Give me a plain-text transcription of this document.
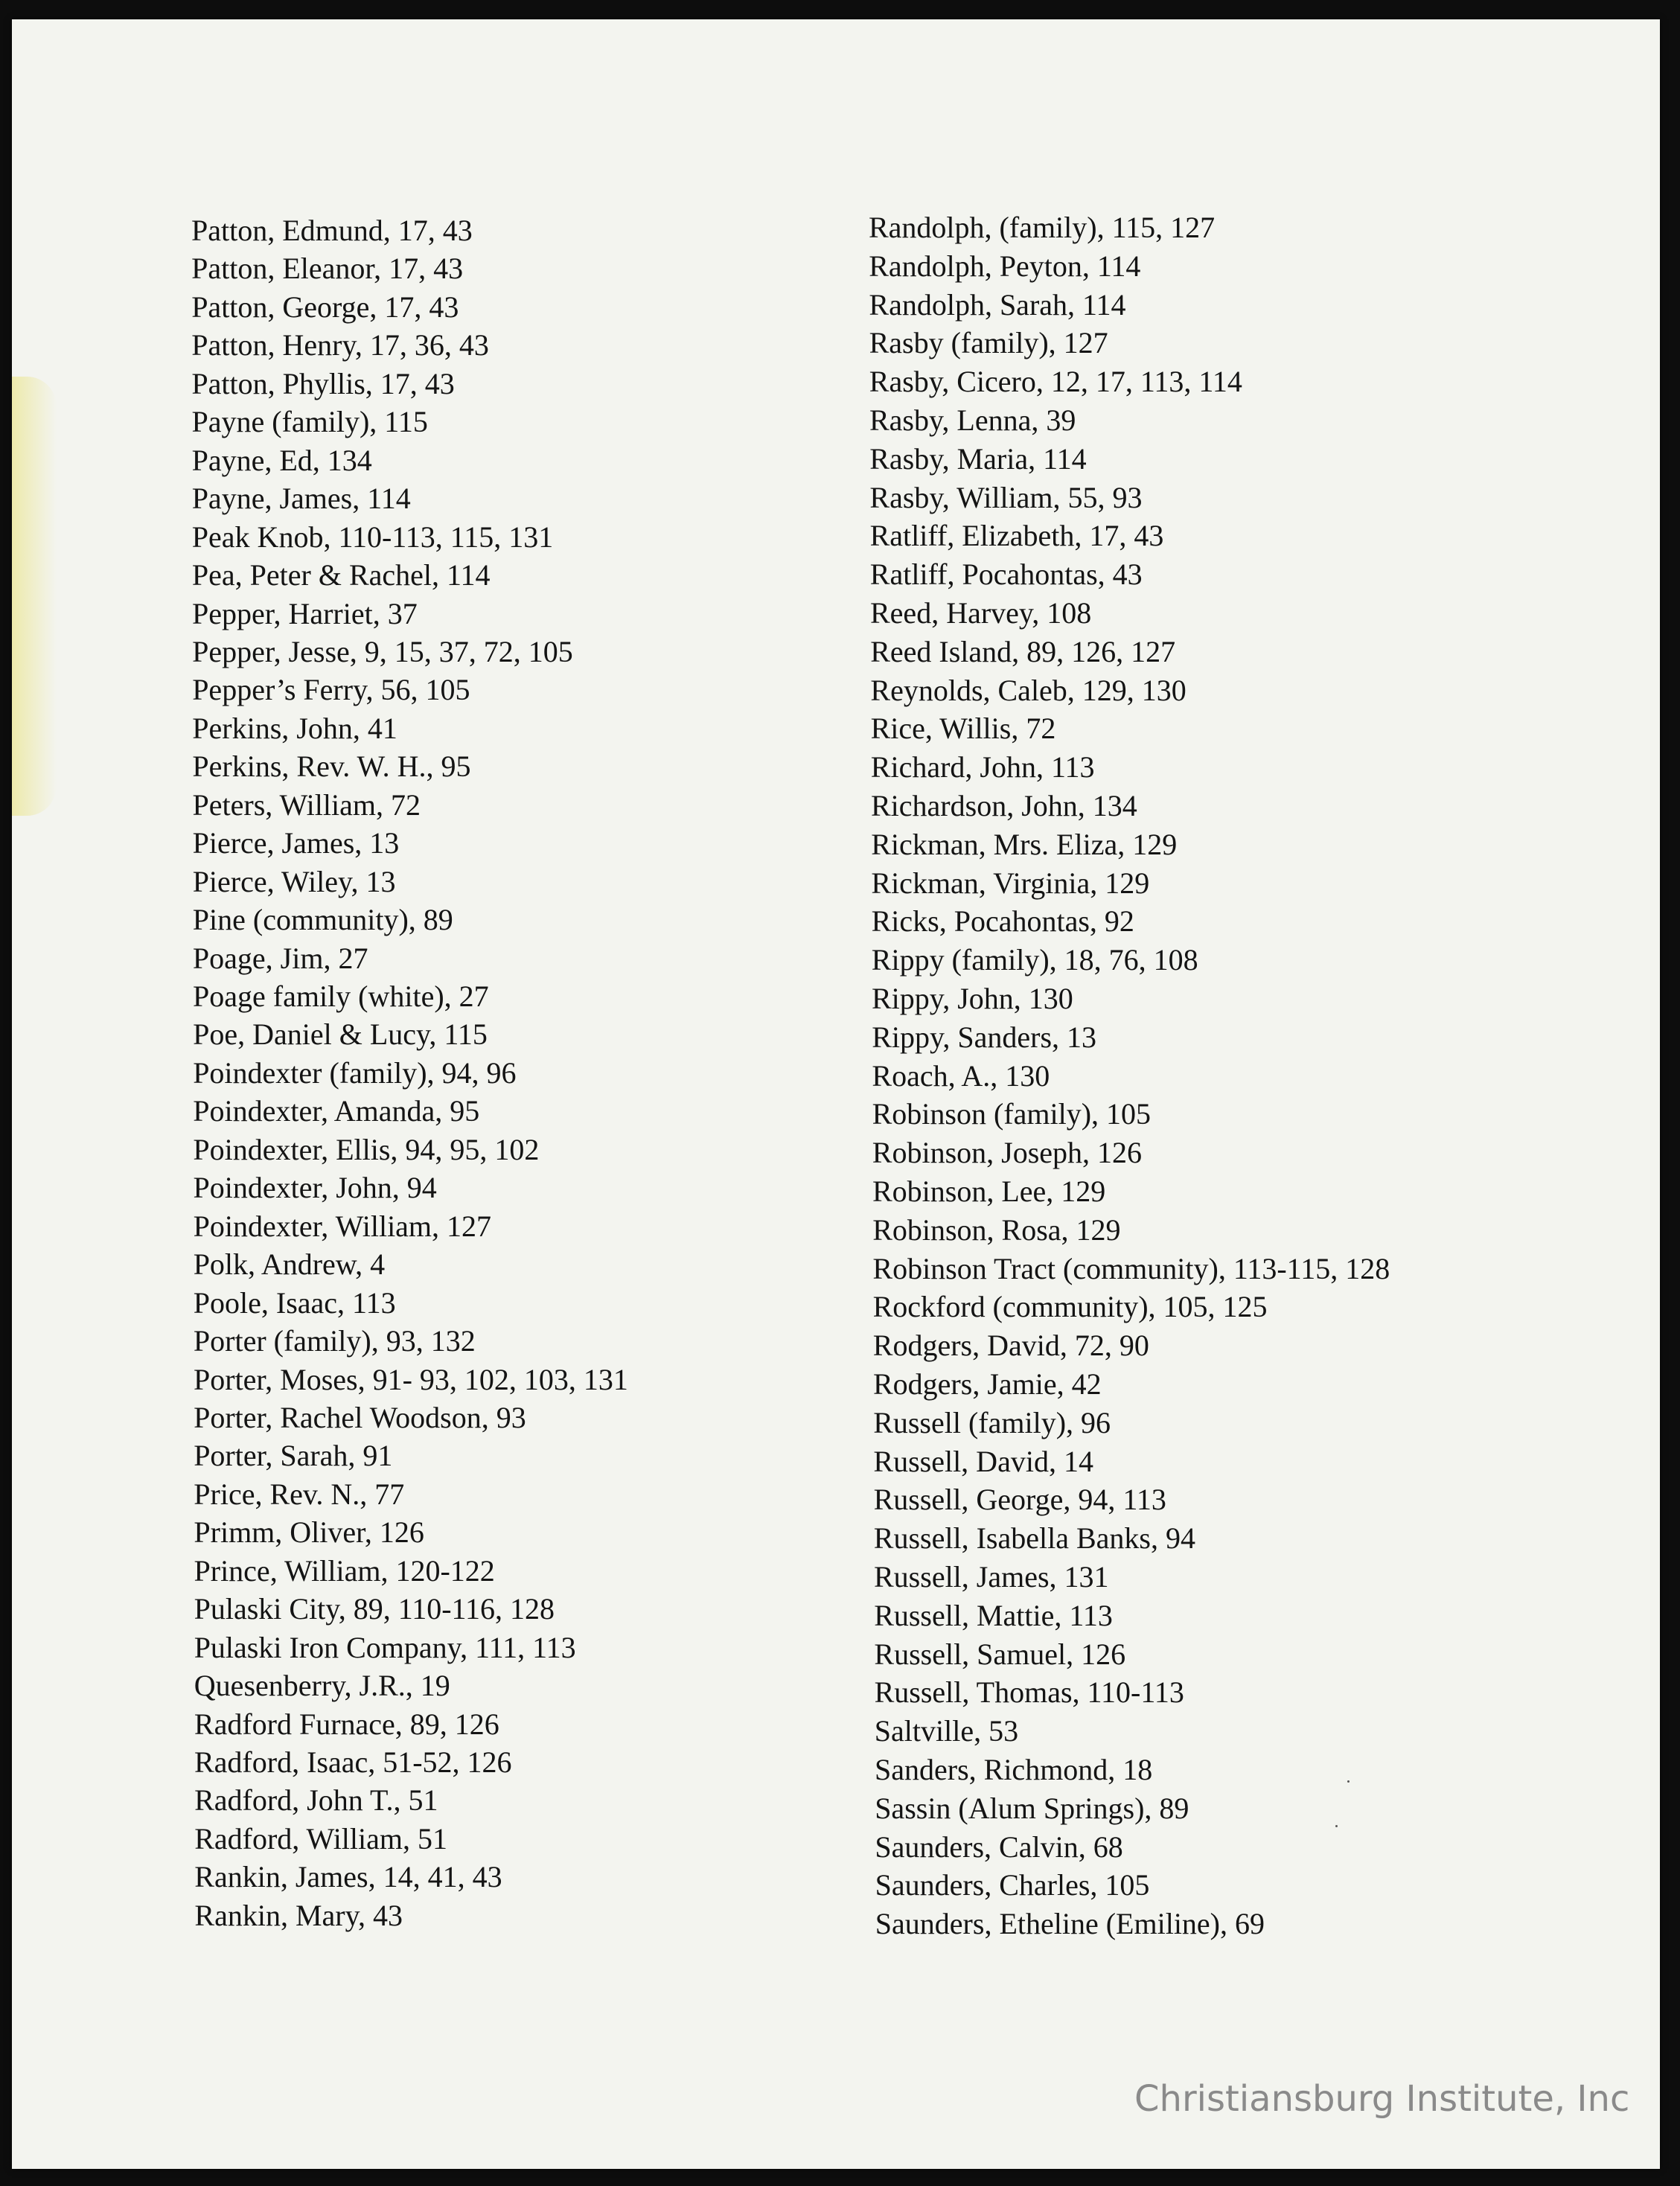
Patton, Edmund, 17, 43
Patton, Eleanor, 17, 43
Patton, George, 17, 43
Patton, Henry, 17, 36, 43
Patton, Phyllis, 17, 43
Payne (family), 115
Payne, Ed, 134
Payne, James, 114
Peak Knob, 110-113, 115, 131
Pea, Peter & Rachel, 114
Pepper, Harriet, 37
Pepper, Jesse, 9, 15, 37, 72, 105
Pepper’s Ferry, 56, 105
Perkins, John, 41
Perkins, Rev. W. H., 95
Peters, William, 72
Pierce, James, 13
Pierce, Wiley, 13
Pine (community), 89
Poage, Jim, 27
Poage family (white), 27
Poe, Daniel & Lucy, 115
Poindexter (family), 94, 96
Poindexter, Amanda, 95
Poindexter, Ellis, 94, 95, 102
Poindexter, John, 94
Poindexter, William, 127
Polk, Andrew, 4
Poole, Isaac, 113
Porter (family), 93, 132
Porter, Moses, 91- 93, 102, 103, 131
Porter, Rachel Woodson, 93
Porter, Sarah, 91
Price, Rev. N., 77
Primm, Oliver, 126
Prince, William, 120-122
Pulaski City, 89, 110-116, 128
Pulaski Iron Company, 111, 113
Quesenberry, J.R., 19
Radford Furnace, 89, 126
Radford, Isaac, 51-52, 126
Radford, John T., 51
Radford, William, 51
Rankin, James, 14, 41, 43
Rankin, Mary, 43
Randolph, (family), 115, 127
Randolph, Peyton, 114
Randolph, Sarah, 114
Rasby (family), 127
Rasby, Cicero, 12, 17, 113, 114
Rasby, Lenna, 39
Rasby, Maria, 114
Rasby, William, 55, 93
Ratliff, Elizabeth, 17, 43
Ratliff, Pocahontas, 43
Reed, Harvey, 108
Reed Island, 89, 126, 127
Reynolds, Caleb, 129, 130
Rice, Willis, 72
Richard, John, 113
Richardson, John, 134
Rickman, Mrs. Eliza, 129
Rickman, Virginia, 129
Ricks, Pocahontas, 92
Rippy (family), 18, 76, 108
Rippy, John, 130
Rippy, Sanders, 13
Roach, A., 130
Robinson (family), 105
Robinson, Joseph, 126
Robinson, Lee, 129
Robinson, Rosa, 129
Robinson Tract (community), 113-115, 128
Rockford (community), 105, 125
Rodgers, David, 72, 90
Rodgers, Jamie, 42
Russell (family), 96
Russell, David, 14
Russell, George, 94, 113
Russell, Isabella Banks, 94
Russell, James, 131
Russell, Mattie, 113
Russell, Samuel, 126
Russell, Thomas, 110-113
Saltville, 53
Sanders, Richmond, 18
Sassin (Alum Springs), 89
Saunders, Calvin, 68
Saunders, Charles, 105
Saunders, Etheline (Emiline), 69
Christiansburg Institute, Inc
